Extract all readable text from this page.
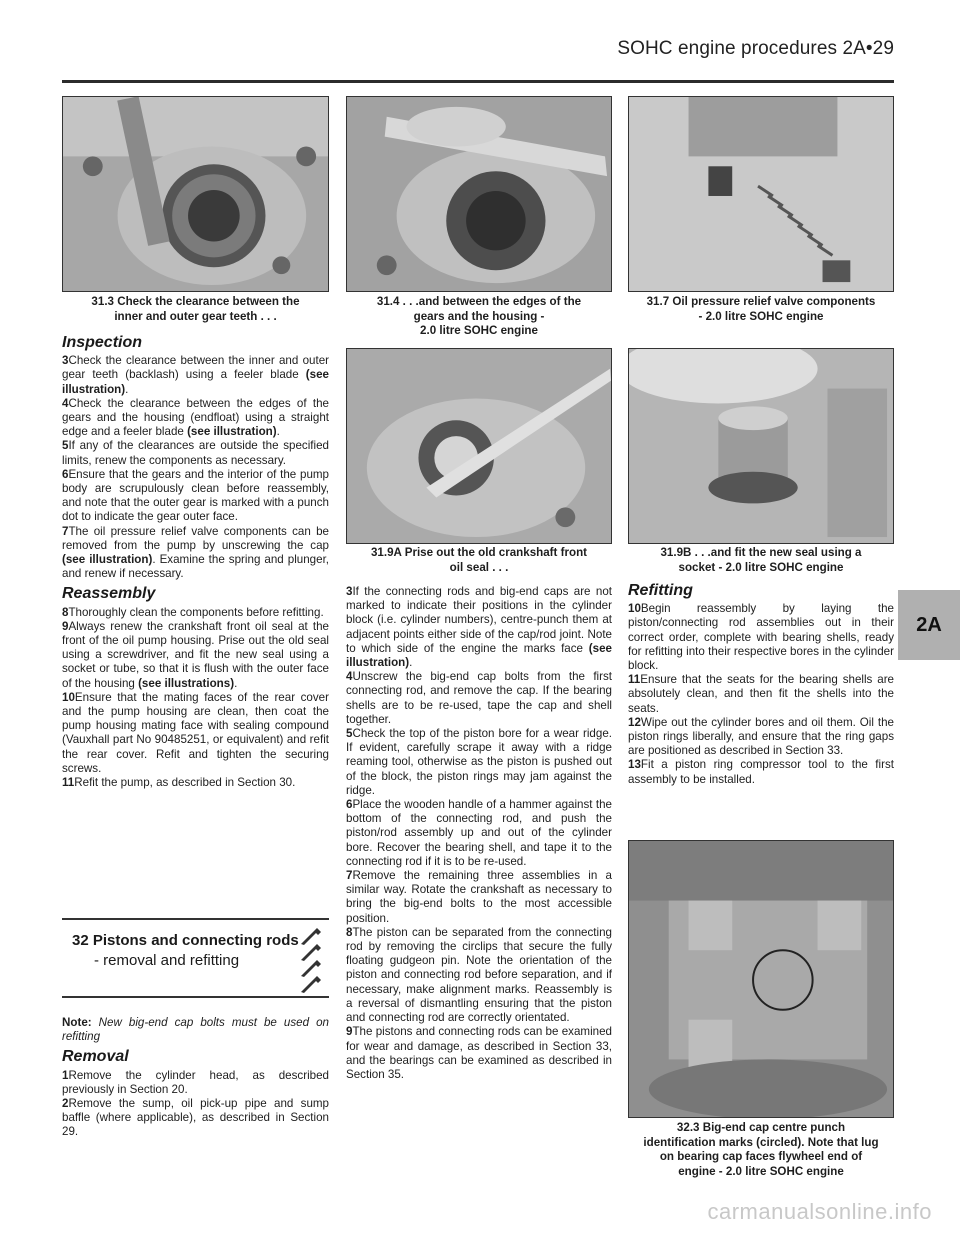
SOHC engine procedures 2A•29
31.3 Check the clearance between the
inner and outer gear teeth . . .
31.4 . . .and between the edges of the
gears and the housing -
2.0 litre SOHC engine
31.7 Oil pressure relief valve components
- 2.0 litre SOHC engine
31.9A Prise out the old crankshaft front
oil seal . . .
31.9B . . .and fit the new seal using a
socket - 2.0 litre SOHC engine
32.3 Big-end cap centre punch
identification marks (circled). Note that lug
on bearing cap faces flywheel end of
engine - 2.0 litre SOHC engine
2A
Inspection

3Check the clearance between the inner and outer gear teeth (backlash) using a feeler blade (see illustration).

4Check the clearance between the edges of the gears and the housing (endfloat) using a straight edge and a feeler blade (see illustration).

5If any of the clearances are outside the specified limits, renew the components as necessary.

6Ensure that the gears and the interior of the pump body are scrupulously clean before reassembly, and note that the outer gear is marked with a punch dot to indicate the gear outer face.

7The oil pressure relief valve components can be removed from the pump by unscrewing the cap (see illustration). Examine the spring and plunger, and renew if necessary.

Reassembly

8Thoroughly clean the components before refitting.

9Always renew the crankshaft front oil seal at the front of the oil pump housing. Prise out the old seal using a screwdriver, and fit the new seal using a socket or tube, so that it is flush with the outer face of the housing (see illustrations).

10Ensure that the mating faces of the rear cover and the pump housing are clean, then coat the pump housing mating face with sealing compound (Vauxhall part No 90485251, or equivalent) and refit the rear cover. Refit and tighten the securing screws.

11Refit the pump, as described in Section 30.

32 Pistons and connecting rods
- removal and refitting

Note: New big-end cap bolts must be used on refitting

Removal

1Remove the cylinder head, as described previously in Section 20.

2Remove the sump, oil pick-up pipe and sump baffle (where applicable), as described in Section 29.

3If the connecting rods and big-end caps are not marked to indicate their positions in the cylinder block (i.e. cylinder numbers), centre-punch them at adjacent points either side of the cap/rod joint. Note to which side of the engine the marks face (see illustration).

4Unscrew the big-end cap bolts from the first connecting rod, and remove the cap. If the bearing shells are to be re-used, tape the cap and shell together.

5Check the top of the piston bore for a wear ridge. If evident, carefully scrape it away with a ridge reaming tool, otherwise as the piston is pushed out of the block, the piston rings may jam against the ridge.

6Place the wooden handle of a hammer against the bottom of the connecting rod, and push the piston/rod assembly up and out of the cylinder bore. Recover the bearing shell, and tape it to the connecting rod if it is to be re-used.

7Remove the remaining three assemblies in a similar way. Rotate the crankshaft as necessary to bring the big-end bolts to the most accessible position.

8The piston can be separated from the connecting rod by removing the circlips that secure the fully floating gudgeon pin. Note the orientation of the piston and connecting rod before separation, and if necessary, make alignment marks. Reassembly is a reversal of dismantling ensuring that the piston and connecting rod are correctly orientated.

9The pistons and connecting rods can be examined for wear and damage, as described in Section 33, and the bearings can be examined as described in Section 35.

Refitting

10Begin reassembly by laying the piston/connecting rod assemblies out in their correct order, complete with bearing shells, ready for refitting into their respective bores in the cylinder block.

11Ensure that the seats for the bearing shells are absolutely clean, and then fit the shells into the seats.

12Wipe out the cylinder bores and oil them. Oil the piston rings liberally, and ensure that the ring gaps are positioned as described in Section 33.

13Fit a piston ring compressor tool to the first assembly to be installed.

carmanualsonline.info
